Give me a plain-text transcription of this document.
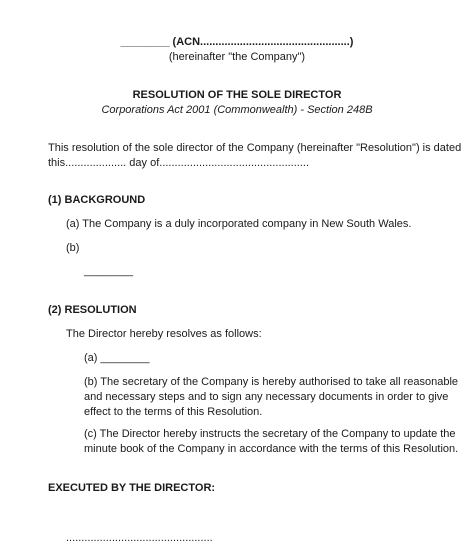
________ (ACN.................................................)
(hereinafter "the Company")
RESOLUTION OF THE SOLE DIRECTOR
Corporations Act 2001 (Commonwealth) - Section 248B
This resolution of the sole director of the Company (hereinafter "Resolution") is dated
this.................... day of.................................................
(1) BACKGROUND
(a) The Company is a duly incorporated company in New South Wales.
(b)
________
(2) RESOLUTION
The Director hereby resolves as follows:
(a) ________
(b) The secretary of the Company is hereby authorised to take all reasonable
and necessary steps and to sign any necessary documents in order to give
effect to the terms of this Resolution.
(c) The Director hereby instructs the secretary of the Company to update the
minute book of the Company in accordance with the terms of this Resolution.
EXECUTED BY THE DIRECTOR:
................................................
